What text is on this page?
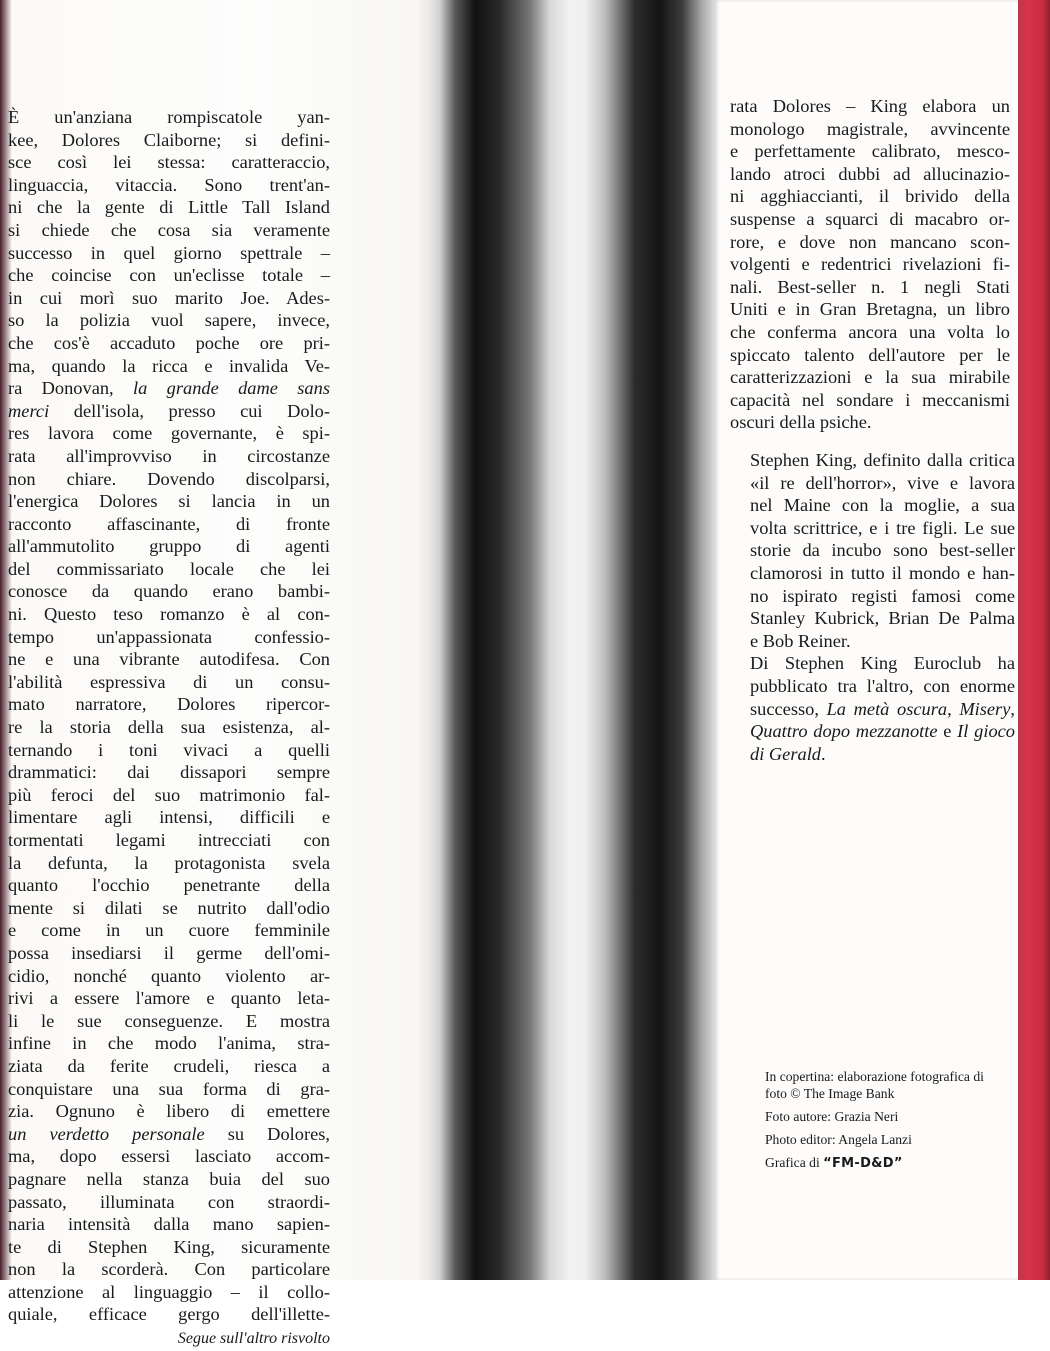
È un'anziana rompiscatole yan-
kee, Dolores Claiborne; si defini-
sce così lei stessa: caratteraccio,
linguaccia, vitaccia. Sono trent'an-
ni che la gente di Little Tall Island
si chiede che cosa sia veramente
successo in quel giorno spettrale –
che coincise con un'eclisse totale –
in cui morì suo marito Joe. Ades-
so la polizia vuol sapere, invece,
che cos'è accaduto poche ore pri-
ma, quando la ricca e invalida Ve-
ra Donovan, la grande dame sans
merci dell'isola, presso cui Dolo-
res lavora come governante, è spi-
rata all'improvviso in circostanze
non chiare. Dovendo discolparsi,
l'energica Dolores si lancia in un
racconto affascinante, di fronte
all'ammutolito gruppo di agenti
del commissariato locale che lei
conosce da quando erano bambi-
ni. Questo teso romanzo è al con-
tempo un'appassionata confessio-
ne e una vibrante autodifesa. Con
l'abilità espressiva di un consu-
mato narratore, Dolores ripercor-
re la storia della sua esistenza, al-
ternando i toni vivaci a quelli
drammatici: dai dissapori sempre
più feroci del suo matrimonio fal-
limentare agli intensi, difficili e
tormentati legami intrecciati con
la defunta, la protagonista svela
quanto l'occhio penetrante della
mente si dilati se nutrito dall'odio
e come in un cuore femminile
possa insediarsi il germe dell'omi-
cidio, nonché quanto violento ar-
rivi a essere l'amore e quanto leta-
li le sue conseguenze. E mostra
infine in che modo l'anima, stra-
ziata da ferite crudeli, riesca a
conquistare una sua forma di gra-
zia. Ognuno è libero di emettere
un verdetto personale su Dolores,
ma, dopo essersi lasciato accom-
pagnare nella stanza buia del suo
passato, illuminata con straordi-
naria intensità dalla mano sapien-
te di Stephen King, sicuramente
non la scorderà. Con particolare
attenzione al linguaggio – il collo-
quiale, efficace gergo dell'illette-
Segue sull'altro risvolto
rata Dolores – King elabora un
monologo magistrale, avvincente
e perfettamente calibrato, mesco-
lando atroci dubbi ad allucinazio-
ni agghiaccianti, il brivido della
suspense a squarci di macabro or-
rore, e dove non mancano scon-
volgenti e redentrici rivelazioni fi-
nali. Best-seller n. 1 negli Stati
Uniti e in Gran Bretagna, un libro
che conferma ancora una volta lo
spiccato talento dell'autore per le
caratterizzazioni e la sua mirabile
capacità nel sondare i meccanismi
oscuri della psiche.
Stephen King, definito dalla critica
«il re dell'horror», vive e lavora
nel Maine con la moglie, a sua
volta scrittrice, e i tre figli. Le sue
storie da incubo sono best-seller
clamorosi in tutto il mondo e han-
no ispirato registi famosi come
Stanley Kubrick, Brian De Palma
e Bob Reiner.
Di Stephen King Euroclub ha
pubblicato tra l'altro, con enorme
successo, La metà oscura, Misery,
Quattro dopo mezzanotte e Il gioco
di Gerald.
In copertina: elaborazione fotografica di
foto © The Image Bank
Foto autore: Grazia Neri
Photo editor: Angela Lanzi
Grafica di “FM-D&D”
